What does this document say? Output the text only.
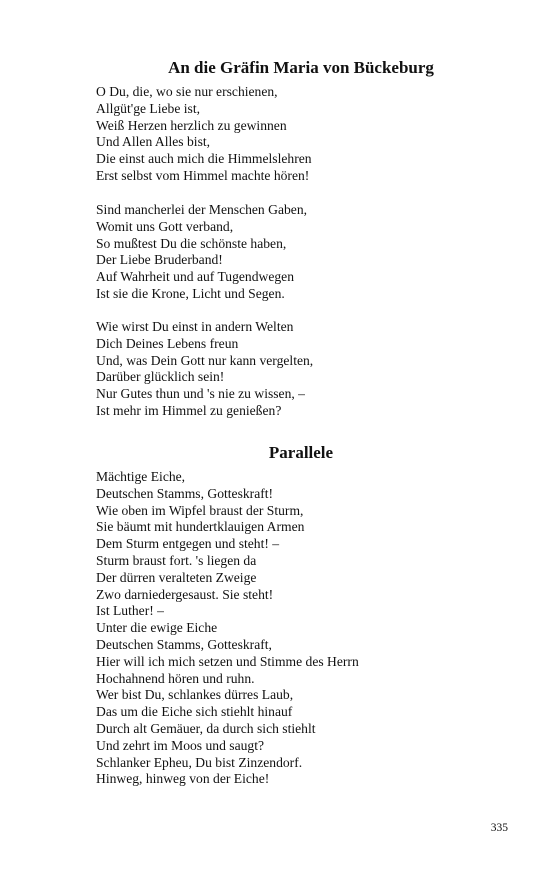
An die Gräfin Maria von Bückeburg
O Du, die, wo sie nur erschienen,
Allgüt'ge Liebe ist,
Weiß Herzen herzlich zu gewinnen
Und Allen Alles bist,
Die einst auch mich die Himmelslehren
Erst selbst vom Himmel machte hören!
Sind mancherlei der Menschen Gaben,
Womit uns Gott verband,
So mußtest Du die schönste haben,
Der Liebe Bruderband!
Auf Wahrheit und auf Tugendwegen
Ist sie die Krone, Licht und Segen.
Wie wirst Du einst in andern Welten
Dich Deines Lebens freun
Und, was Dein Gott nur kann vergelten,
Darüber glücklich sein!
Nur Gutes thun und 's nie zu wissen, –
Ist mehr im Himmel zu genießen?
Parallele
Mächtige Eiche,
Deutschen Stamms, Gotteskraft!
Wie oben im Wipfel braust der Sturm,
Sie bäumt mit hundertklauigen Armen
Dem Sturm entgegen und steht! –
Sturm braust fort. 's liegen da
Der dürren veralteten Zweige
Zwo darniedergesaust. Sie steht!
Ist Luther! –
Unter die ewige Eiche
Deutschen Stamms, Gotteskraft,
Hier will ich mich setzen und Stimme des Herrn
Hochahnend hören und ruhn.
Wer bist Du, schlankes dürres Laub,
Das um die Eiche sich stiehlt hinauf
Durch alt Gemäuer, da durch sich stiehlt
Und zehrt im Moos und saugt?
Schlanker Epheu, Du bist Zinzendorf.
Hinweg, hinweg von der Eiche!
335
